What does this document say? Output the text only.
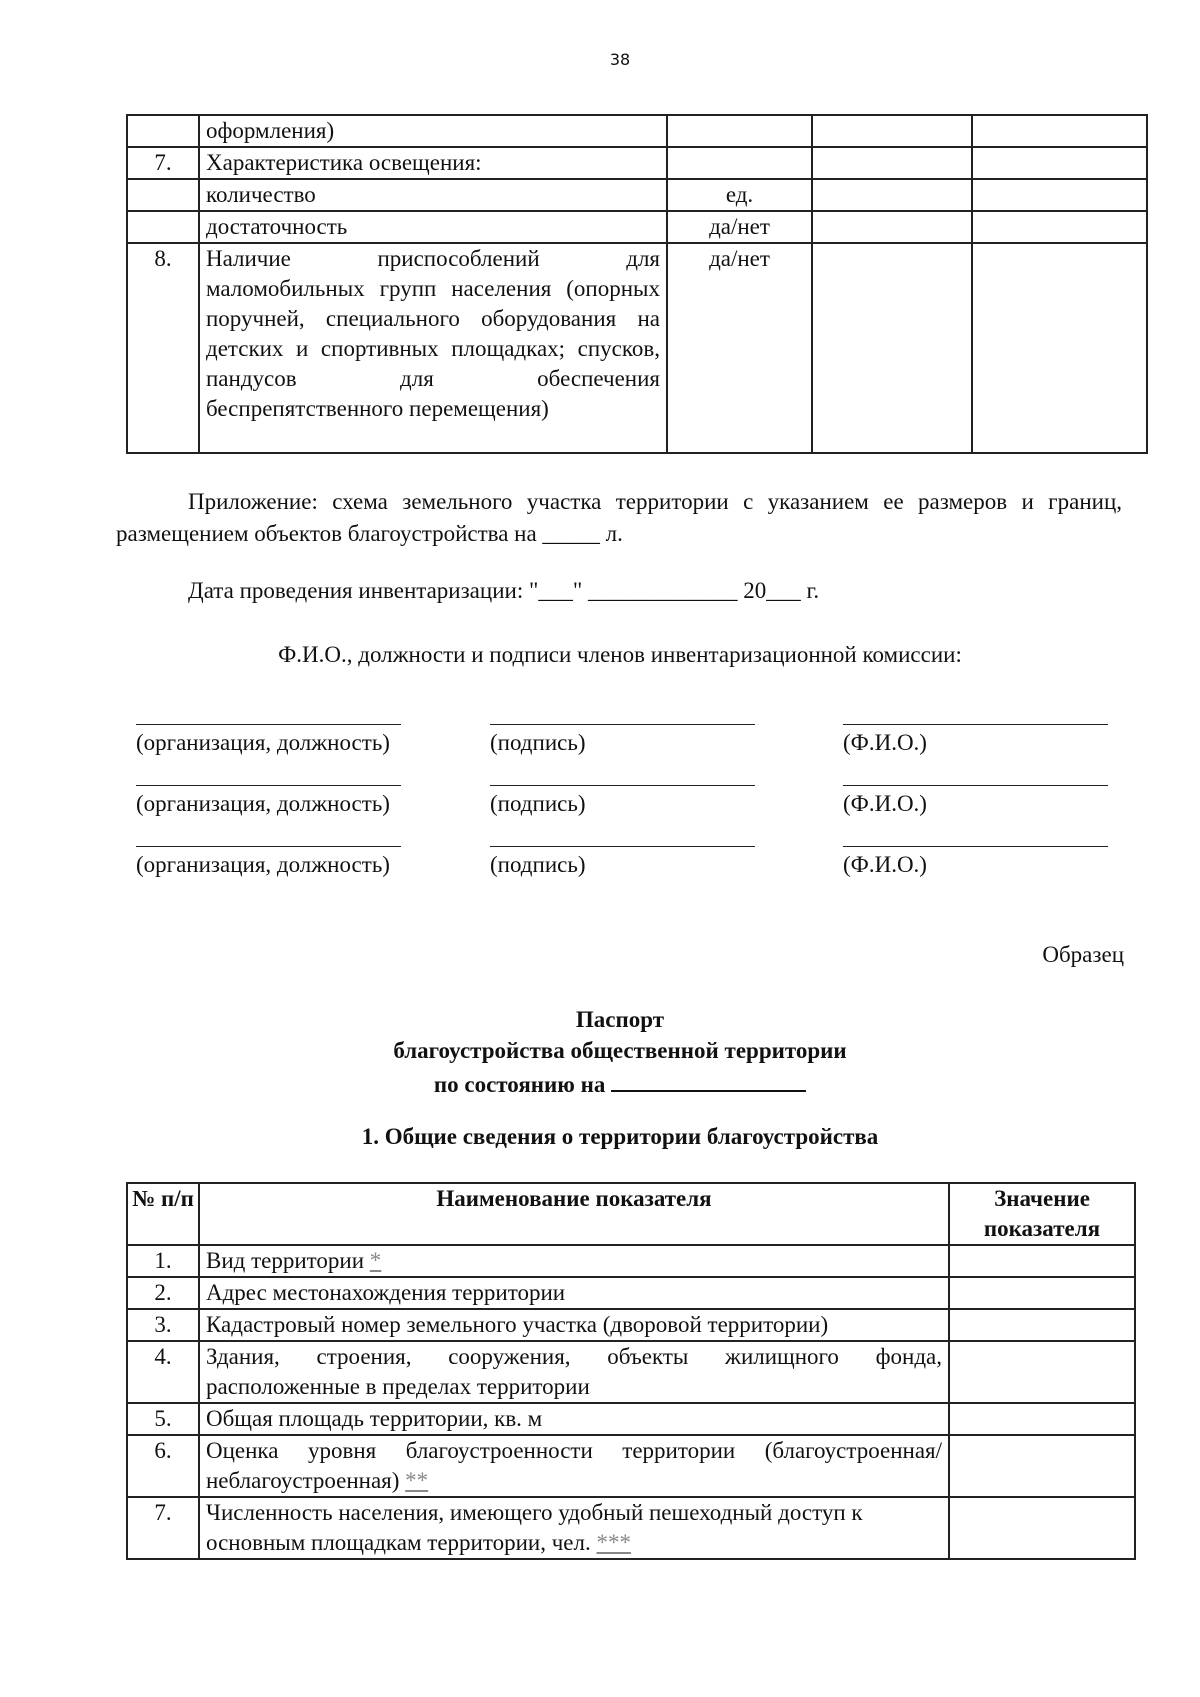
38
	оформления)			
7.	Характеристика освещения:			
	количество	ед.		
	достаточность	да/нет		
8.	Наличие приспособлений для маломобильных групп населения (опорных поручней, специального оборудования на детских и спортивных площадках; спусков, пандусов для обеспечения беспрепятственного перемещения)	да/нет		
Приложение: схема земельного участка территории с указанием ее размеров и границ, размещением объектов благоустройства на _____ л.
Дата проведения инвентаризации: "___" _____________ 20___ г.
Ф.И.О., должности и подписи членов инвентаризационной комиссии:
(организация, должность)	(подпись)	(Ф.И.О.)
(организация, должность)	(подпись)	(Ф.И.О.)
(организация, должность)	(подпись)	(Ф.И.О.)
Образец
Паспорт
благоустройства общественной территории
по состоянию на
1. Общие сведения о территории благоустройства
№ п/п	Наименование показателя	Значение показателя
1.	Вид территории *	
2.	Адрес местонахождения территории	
3.	Кадастровый номер земельного участка (дворовой территории)	
4.	Здания, строения, сооружения, объекты жилищного фонда, расположенные в пределах территории	
5.	Общая площадь территории, кв. м	
6.	Оценка уровня благоустроенности территории (благоустроенная/ неблагоустроенная) **	
7.	Численность населения, имеющего удобный пешеходный доступ к основным площадкам территории, чел. ***	
